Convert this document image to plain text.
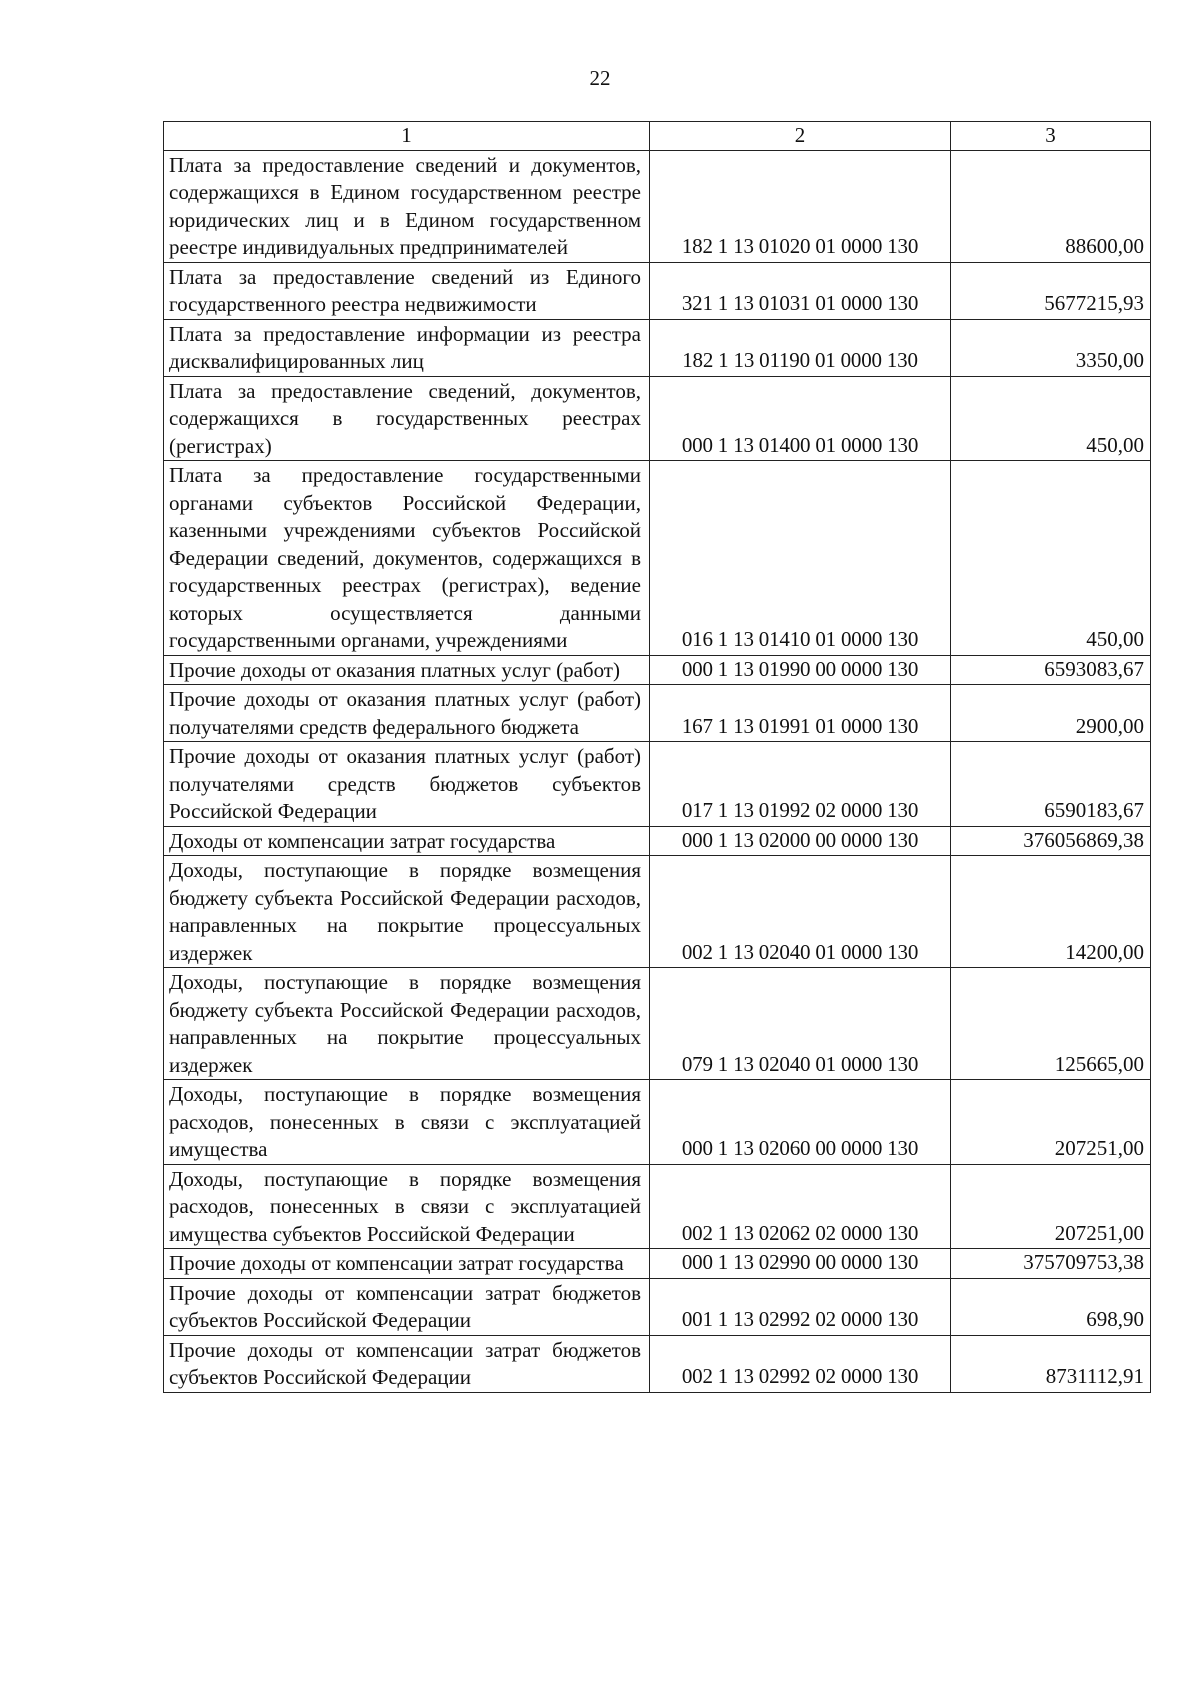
22
1	2	3
Плата за предоставление сведений и документов, содержащихся в Едином государственном реестре юридических лиц и в Едином государственном реестре индивидуальных предпринимателей	182 1 13 01020 01 0000 130	88600,00
Плата за предоставление сведений из Единого государственного реестра недвижимости	321 1 13 01031 01 0000 130	5677215,93
Плата за предоставление информации из реестра дисквалифицированных лиц	182 1 13 01190 01 0000 130	3350,00
Плата за предоставление сведений, документов, содержащихся в государственных реестрах (регистрах)	000 1 13 01400 01 0000 130	450,00
Плата за предоставление государственными органами субъектов Российской Федерации, казенными учреждениями субъектов Российской Федерации сведений, документов, содержащихся в государственных реестрах (регистрах), ведение которых осуществляется данными государственными органами, учреждениями	016 1 13 01410 01 0000 130	450,00
Прочие доходы от оказания платных услуг (работ)	000 1 13 01990 00 0000 130	6593083,67
Прочие доходы от оказания платных услуг (работ) получателями средств федерального бюджета	167 1 13 01991 01 0000 130	2900,00
Прочие доходы от оказания платных услуг (работ) получателями средств бюджетов субъектов Российской Федерации	017 1 13 01992 02 0000 130	6590183,67
Доходы от компенсации затрат государства	000 1 13 02000 00 0000 130	376056869,38
Доходы, поступающие в порядке возмещения бюджету субъекта Российской Федерации расходов, направленных на покрытие процессуальных издержек	002 1 13 02040 01 0000 130	14200,00
Доходы, поступающие в порядке возмещения бюджету субъекта Российской Федерации расходов, направленных на покрытие процессуальных издержек	079 1 13 02040 01 0000 130	125665,00
Доходы, поступающие в порядке возмещения расходов, понесенных в связи с эксплуатацией имущества	000 1 13 02060 00 0000 130	207251,00
Доходы, поступающие в порядке возмещения расходов, понесенных в связи с эксплуатацией имущества субъектов Российской Федерации	002 1 13 02062 02 0000 130	207251,00
Прочие доходы от компенсации затрат государства	000 1 13 02990 00 0000 130	375709753,38
Прочие доходы от компенсации затрат бюджетов субъектов Российской Федерации	001 1 13 02992 02 0000 130	698,90
Прочие доходы от компенсации затрат бюджетов субъектов Российской Федерации	002 1 13 02992 02 0000 130	8731112,91
